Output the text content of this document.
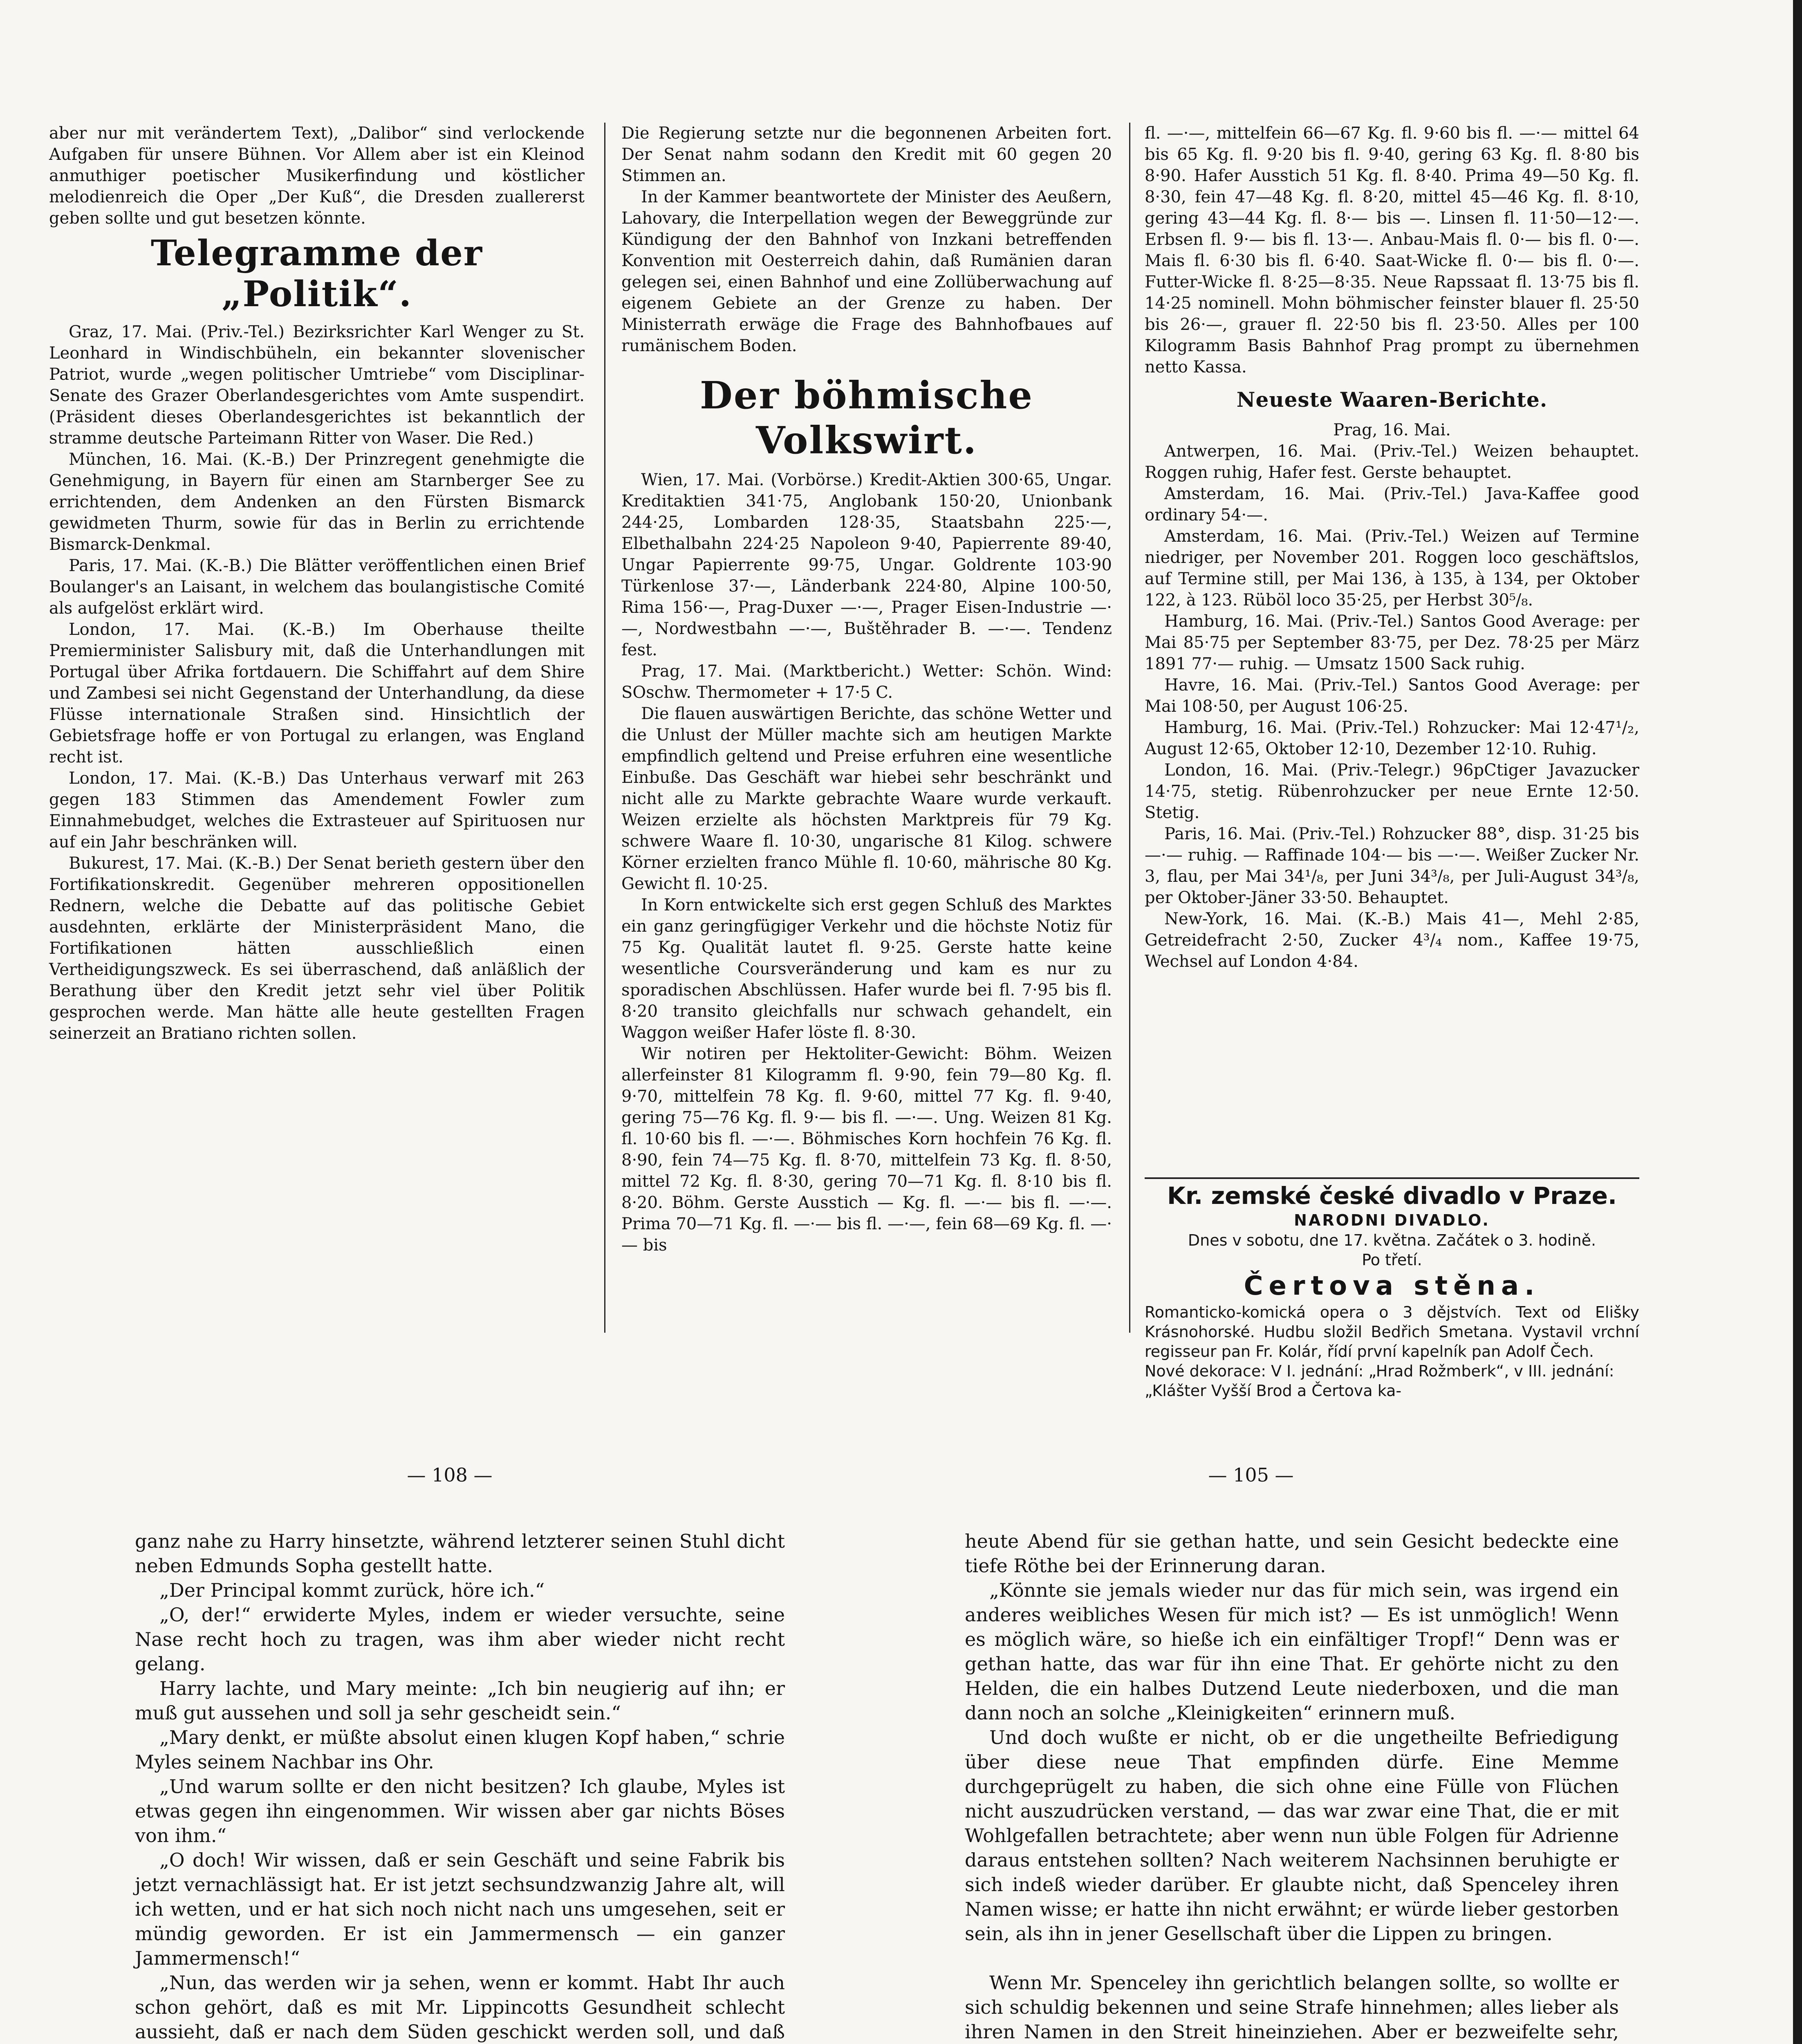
aber nur mit verändertem Text), „Dalibor“ sind verlockende Aufgaben für unsere Bühnen. Vor Allem aber ist ein Kleinod anmuthiger poetischer Musikerfindung und köstlicher melodienreich die Oper „Der Kuß“, die Dresden zuallererst geben sollte und gut besetzen könnte.

Telegramme der „Politik“.

Graz, 17. Mai. (Priv.-Tel.) Bezirksrichter Karl Wenger zu St. Leonhard in Windischbüheln, ein bekannter slovenischer Patriot, wurde „wegen politischer Umtriebe“ vom Disciplinar-Senate des Grazer Oberlandesgerichtes vom Amte suspendirt. (Präsident dieses Oberlandesgerichtes ist bekanntlich der stramme deutsche Parteimann Ritter von Waser. Die Red.)

München, 16. Mai. (K.-B.) Der Prinzregent genehmigte die Genehmigung, in Bayern für einen am Starnberger See zu errichtenden, dem Andenken an den Fürsten Bismarck gewidmeten Thurm, sowie für das in Berlin zu errichtende Bismarck-Denkmal.

Paris, 17. Mai. (K.-B.) Die Blätter veröffentlichen einen Brief Boulanger's an Laisant, in welchem das boulangistische Comité als aufgelöst erklärt wird.

London, 17. Mai. (K.-B.) Im Oberhause theilte Premierminister Salisbury mit, daß die Unterhandlungen mit Portugal über Afrika fortdauern. Die Schiffahrt auf dem Shire und Zambesi sei nicht Gegenstand der Unterhandlung, da diese Flüsse internationale Straßen sind. Hinsichtlich der Gebietsfrage hoffe er von Portugal zu erlangen, was England recht ist.

London, 17. Mai. (K.-B.) Das Unterhaus verwarf mit 263 gegen 183 Stimmen das Amendement Fowler zum Einnahmebudget, welches die Extrasteuer auf Spirituosen nur auf ein Jahr beschränken will.

Bukurest, 17. Mai. (K.-B.) Der Senat berieth gestern über den Fortifikationskredit. Gegenüber mehreren oppositionellen Rednern, welche die Debatte auf das politische Gebiet ausdehnten, erklärte der Ministerpräsident Mano, die Fortifikationen hätten ausschließlich einen Vertheidigungszweck. Es sei überraschend, daß anläßlich der Berathung über den Kredit jetzt sehr viel über Politik gesprochen werde. Man hätte alle heute gestellten Fragen seinerzeit an Bratiano richten sollen.

Die Regierung setzte nur die begonnenen Arbeiten fort. Der Senat nahm sodann den Kredit mit 60 gegen 20 Stimmen an.

In der Kammer beantwortete der Minister des Aeußern, Lahovary, die Interpellation wegen der Beweggründe zur Kündigung der den Bahnhof von Inzkani betreffenden Konvention mit Oesterreich dahin, daß Rumänien daran gelegen sei, einen Bahnhof und eine Zollüberwachung auf eigenem Gebiete an der Grenze zu haben. Der Ministerrath erwäge die Frage des Bahnhofbaues auf rumänischem Boden.

Der böhmische Volkswirt.

Wien, 17. Mai. (Vorbörse.) Kredit-Aktien 300·65, Ungar. Kreditaktien 341·75, Anglobank 150·20, Unionbank 244·25, Lombarden 128·35, Staatsbahn 225·—, Elbethalbahn 224·25 Napoleon 9·40, Papierrente 89·40, Ungar Papierrente 99·75, Ungar. Goldrente 103·90 Türkenlose 37·—, Länderbank 224·80, Alpine 100·50, Rima 156·—, Prag-Duxer —·—, Prager Eisen-Industrie —·—, Nordwestbahn —·—, Buštěhrader B. —·—. Tendenz fest.

Prag, 17. Mai. (Marktbericht.) Wetter: Schön. Wind: SOschw. Thermometer + 17·5 C.

Die flauen auswärtigen Berichte, das schöne Wetter und die Unlust der Müller machte sich am heutigen Markte empfindlich geltend und Preise erfuhren eine wesentliche Einbuße. Das Geschäft war hiebei sehr beschränkt und nicht alle zu Markte gebrachte Waare wurde verkauft. Weizen erzielte als höchsten Marktpreis für 79 Kg. schwere Waare fl. 10·30, ungarische 81 Kilog. schwere Körner erzielten franco Mühle fl. 10·60, mährische 80 Kg. Gewicht fl. 10·25.

In Korn entwickelte sich erst gegen Schluß des Marktes ein ganz geringfügiger Verkehr und die höchste Notiz für 75 Kg. Qualität lautet fl. 9·25. Gerste hatte keine wesentliche Coursveränderung und kam es nur zu sporadischen Abschlüssen. Hafer wurde bei fl. 7·95 bis fl. 8·20 transito gleichfalls nur schwach gehandelt, ein Waggon weißer Hafer löste fl. 8·30.

Wir notiren per Hektoliter-Gewicht: Böhm. Weizen allerfeinster 81 Kilogramm fl. 9·90, fein 79—80 Kg. fl. 9·70, mittelfein 78 Kg. fl. 9·60, mittel 77 Kg. fl. 9·40, gering 75—76 Kg. fl. 9·— bis fl. —·—. Ung. Weizen 81 Kg. fl. 10·60 bis fl. —·—. Böhmisches Korn hochfein 76 Kg. fl. 8·90, fein 74—75 Kg. fl. 8·70, mittelfein 73 Kg. fl. 8·50, mittel 72 Kg. fl. 8·30, gering 70—71 Kg. fl. 8·10 bis fl. 8·20. Böhm. Gerste Ausstich — Kg. fl. —·— bis fl. —·—. Prima 70—71 Kg. fl. —·— bis fl. —·—, fein 68—69 Kg. fl. —·— bis

fl. —·—, mittelfein 66—67 Kg. fl. 9·60 bis fl. —·— mittel 64 bis 65 Kg. fl. 9·20 bis fl. 9·40, gering 63 Kg. fl. 8·80 bis 8·90. Hafer Ausstich 51 Kg. fl. 8·40. Prima 49—50 Kg. fl. 8·30, fein 47—48 Kg. fl. 8·20, mittel 45—46 Kg. fl. 8·10, gering 43—44 Kg. fl. 8·— bis —. Linsen fl. 11·50—12·—. Erbsen fl. 9·— bis fl. 13·—. Anbau-Mais fl. 0·— bis fl. 0·—. Mais fl. 6·30 bis fl. 6·40. Saat-Wicke fl. 0·— bis fl. 0·—. Futter-Wicke fl. 8·25—8·35. Neue Rapssaat fl. 13·75 bis fl. 14·25 nominell. Mohn böhmischer feinster blauer fl. 25·50 bis 26·—, grauer fl. 22·50 bis fl. 23·50. Alles per 100 Kilogramm Basis Bahnhof Prag prompt zu übernehmen netto Kassa.

Neueste Waaren-Berichte.
Prag, 16. Mai.

Antwerpen, 16. Mai. (Priv.-Tel.) Weizen behauptet. Roggen ruhig, Hafer fest. Gerste behauptet.

Amsterdam, 16. Mai. (Priv.-Tel.) Java-Kaffee good ordinary 54·—.

Amsterdam, 16. Mai. (Priv.-Tel.) Weizen auf Termine niedriger, per November 201. Roggen loco geschäftslos, auf Termine still, per Mai 136, à 135, à 134, per Oktober 122, à 123. Rüböl loco 35·25, per Herbst 30⁵/₈.

Hamburg, 16. Mai. (Priv.-Tel.) Santos Good Average: per Mai 85·75 per September 83·75, per Dez. 78·25 per März 1891 77·— ruhig. — Umsatz 1500 Sack ruhig.

Havre, 16. Mai. (Priv.-Tel.) Santos Good Average: per Mai 108·50, per August 106·25.

Hamburg, 16. Mai. (Priv.-Tel.) Rohzucker: Mai 12·47¹/₂, August 12·65, Oktober 12·10, Dezember 12·10. Ruhig.

London, 16. Mai. (Priv.-Telegr.) 96pCtiger Javazucker 14·75, stetig. Rübenrohzucker per neue Ernte 12·50. Stetig.

Paris, 16. Mai. (Priv.-Tel.) Rohzucker 88°, disp. 31·25 bis —·— ruhig. — Raffinade 104·— bis —·—. Weißer Zucker Nr. 3, flau, per Mai 34¹/₈, per Juni 34³/₈, per Juli-August 34³/₈, per Oktober-Jäner 33·50. Behauptet.

New-York, 16. Mai. (K.-B.) Mais 41—, Mehl 2·85, Getreidefracht 2·50, Zucker 4³/₄ nom., Kaffee 19·75, Wechsel auf London 4·84.

Kr. zemské české divadlo v Praze.
NARODNI DIVADLO.
Dnes v sobotu, dne 17. května. Začátek o 3. hodině.
Po třetí.
Čertova stěna.
Romanticko-komická opera o 3 dějstvích. Text od Elišky Krásnohorské. Hudbu složil Bedřich Smetana. Vystavil vrchní regisseur pan Fr. Kolár, řídí první kapelník pan Adolf Čech.
Nové dekorace: V I. jednání: „Hrad Rožmberk“, v III. jednání: „Klášter Vyšší Brod a Čertova ka-
— 108 —	— 105 —

ganz nahe zu Harry hinsetzte, während letzterer seinen Stuhl dicht neben Edmunds Sopha gestellt hatte.

„Der Principal kommt zurück, höre ich.“

„O, der!“ erwiderte Myles, indem er wieder versuchte, seine Nase recht hoch zu tragen, was ihm aber wieder nicht recht gelang.

Harry lachte, und Mary meinte: „Ich bin neugierig auf ihn; er muß gut aussehen und soll ja sehr gescheidt sein.“

„Mary denkt, er müßte absolut einen klugen Kopf haben,“ schrie Myles seinem Nachbar ins Ohr.

„Und warum sollte er den nicht besitzen? Ich glaube, Myles ist etwas gegen ihn eingenommen. Wir wissen aber gar nichts Böses von ihm.“

„O doch! Wir wissen, daß er sein Geschäft und seine Fabrik bis jetzt vernachlässigt hat. Er ist jetzt sechsundzwanzig Jahre alt, will ich wetten, und er hat sich noch nicht nach uns umgesehen, seit er mündig geworden. Er ist ein Jammermensch — ein ganzer Jammermensch!“

„Nun, das werden wir ja sehen, wenn er kommt. Habt Ihr auch schon gehört, daß es mit Mr. Lippincotts Gesundheit schlecht aussieht, daß er nach dem Süden geschickt werden soll, und daß

heute Abend für sie gethan hatte, und sein Gesicht bedeckte eine tiefe Röthe bei der Erinnerung daran.

„Könnte sie jemals wieder nur das für mich sein, was irgend ein anderes weibliches Wesen für mich ist? — Es ist unmöglich! Wenn es möglich wäre, so hieße ich ein einfältiger Tropf!“ Denn was er gethan hatte, das war für ihn eine That. Er gehörte nicht zu den Helden, die ein halbes Dutzend Leute niederboxen, und die man dann noch an solche „Kleinigkeiten“ erinnern muß.

Und doch wußte er nicht, ob er die ungetheilte Befriedigung über diese neue That empfinden dürfe. Eine Memme durchgeprügelt zu haben, die sich ohne eine Fülle von Flüchen nicht auszudrücken verstand, — das war zwar eine That, die er mit Wohlgefallen betrachtete; aber wenn nun üble Folgen für Adrienne daraus entstehen sollten? Nach weiterem Nachsinnen beruhigte er sich indeß wieder darüber. Er glaubte nicht, daß Spenceley ihren Namen wisse; er hatte ihn nicht erwähnt; er würde lieber gestorben sein, als ihn in jener Gesellschaft über die Lippen zu bringen.

Wenn Mr. Spenceley ihn gerichtlich belangen sollte, so wollte er sich schuldig bekennen und seine Strafe hinnehmen; alles lieber als ihren Namen in den Streit hineinziehen. Aber er bezweifelte sehr,
